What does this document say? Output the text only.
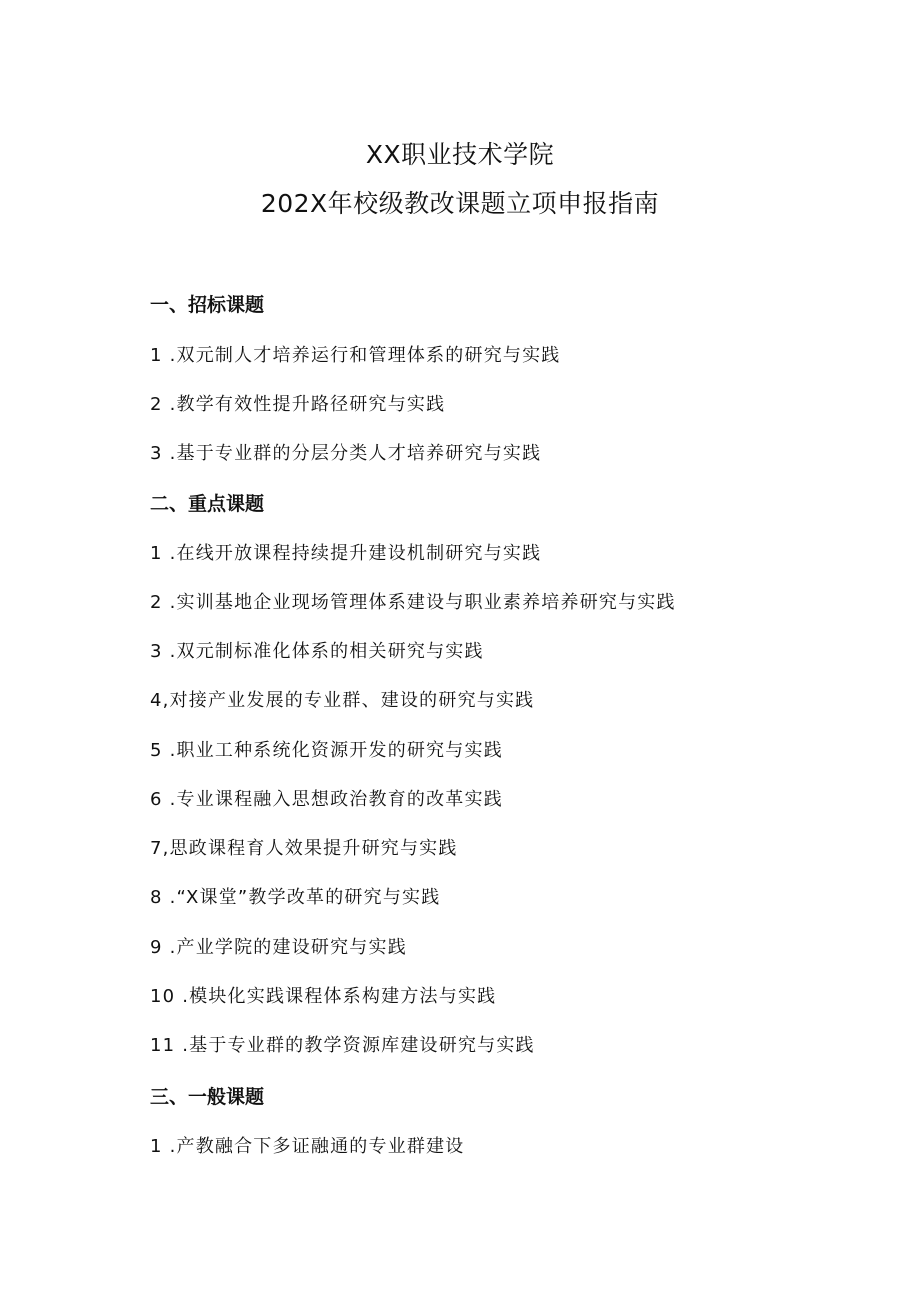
XX职业技术学院
202X年校级教改课题立项申报指南
一、招标课题
1 .双元制人才培养运行和管理体系的研究与实践
2 .教学有效性提升路径研究与实践
3 .基于专业群的分层分类人才培养研究与实践
二、重点课题
1 .在线开放课程持续提升建设机制研究与实践
2 .实训基地企业现场管理体系建设与职业素养培养研究与实践
3 .双元制标准化体系的相关研究与实践
4,对接产业发展的专业群、建设的研究与实践
5 .职业工种系统化资源开发的研究与实践
6 .专业课程融入思想政治教育的改革实践
7,思政课程育人效果提升研究与实践
8 .“X课堂”教学改革的研究与实践
9 .产业学院的建设研究与实践
10 .模块化实践课程体系构建方法与实践
11 .基于专业群的教学资源库建设研究与实践
三、一般课题
1 .产教融合下多证融通的专业群建设
